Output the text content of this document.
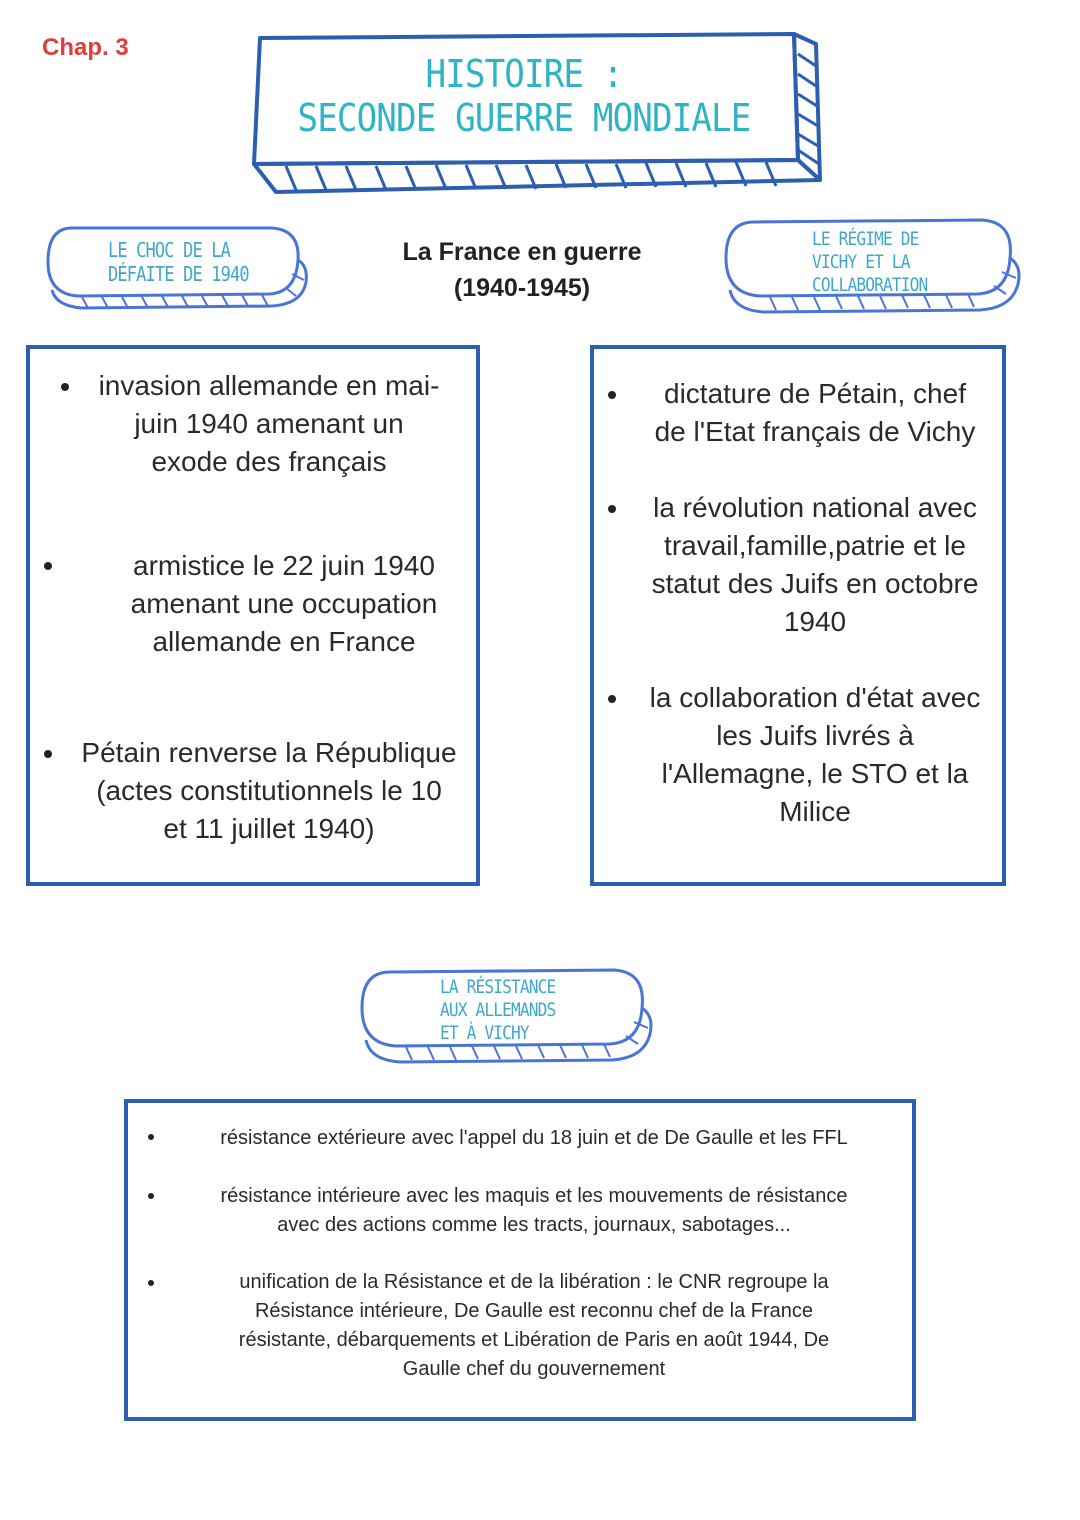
Chap. 3
HISTOIRE :
SECONDE GUERRE MONDIALE
LE CHOC DE LA
DÉFAITE DE 1940
La France en guerre
(1940-1945)
LE RÉGIME DE
VICHY ET LA
COLLABORATION
invasion allemande en mai-
juin 1940 amenant un
exode des français
armistice le 22 juin 1940
amenant une occupation
allemande en France
Pétain renverse la République
(actes constitutionnels le 10
et 11 juillet 1940)
dictature de Pétain, chef
de l'Etat français de Vichy
la révolution national avec
travail,famille,patrie et le
statut des Juifs en octobre
1940
la collaboration d'état avec
les Juifs livrés à
l'Allemagne, le STO et la
Milice
LA RÉSISTANCE
AUX ALLEMANDS
ET À VICHY
résistance extérieure avec l'appel du 18 juin et de De Gaulle et les FFL
résistance intérieure avec les maquis et les mouvements de résistance
avec des actions comme les tracts, journaux, sabotages...
unification de la Résistance et de la libération : le CNR regroupe la
Résistance intérieure, De Gaulle est reconnu chef de la France
résistante, débarquements et Libération de Paris en août 1944, De
Gaulle chef du gouvernement
